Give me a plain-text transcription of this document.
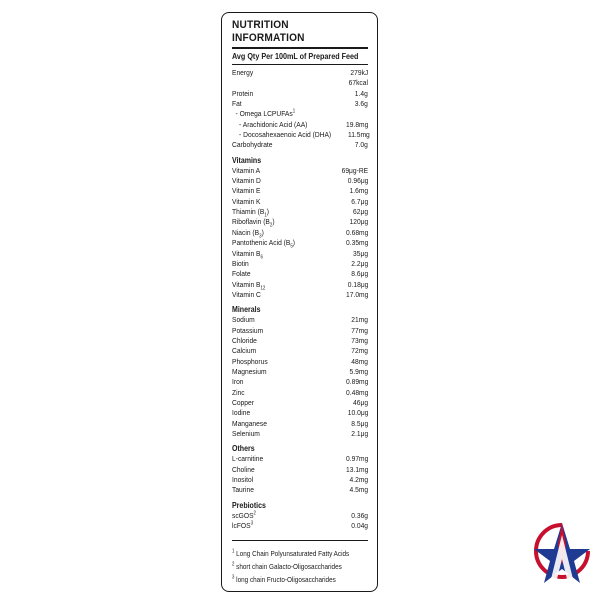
NUTRITION INFORMATION
Avg Qty Per 100mL of Prepared Feed
Energy	279kJ
67kcal
Protein	1.4g
Fat	3.6g
- Omega LCPUFAs$^1$
- Arachidonic Acid (AA)	19.8mg
- Docosahexaenoic Acid (DHA) 11.5mg
Carbohydrate	7.0g
Vitamins
Vitamin A	69μg-RE
Vitamin D	0.96μg
Vitamin E	1.6mg
Vitamin K	6.7μg
Thiamin $(B_1)$	62μg
Riboflavin $(B_2)$	120μg
Niacin $(B_3)$	0.68mg
Pantothenic Acid $(B_5)$	0.35mg
Vitamin $B_6$	35μg
Biotin	2.2μg
Folate	8.6μg
Vitamin $B_{12}$	0.18μg
Vitamin C	17.0mg
Minerals
Sodium	21mg
Potassium	77mg
Chloride	73mg
Calcium	72mg
Phosphorus	48mg
Magnesium	5.9mg
Iron	0.89mg
Zinc	0.48mg
Copper	46μg
Iodine	10.0μg
Manganese	8.5μg
Selenium	2.1μg
Others
L-carnitine	0.97mg
Choline	13.1mg
Inositol	4.2mg
Taurine	4.5mg
Prebiotics
scGOS$^2$	0.36g
lcFOS$^3$	0.04g
$^1$ Long Chain Polyunsaturated Fatty Acids
$^2$ short chain Galacto-Oligosaccharides
$^3$ long chain Fructo-Oligosaccharides
